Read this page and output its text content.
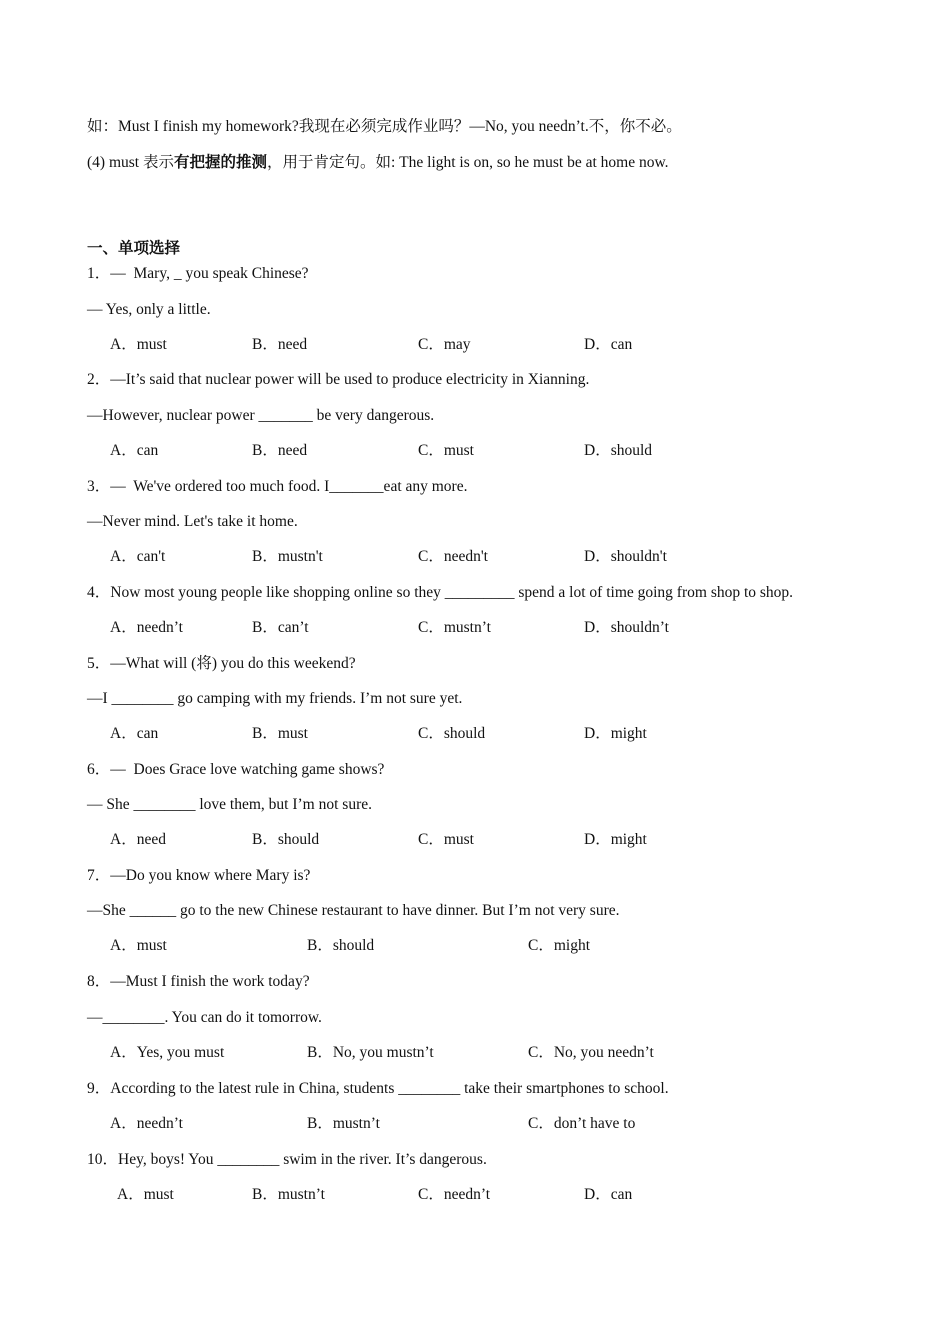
如：Must I finish my homework?我现在必须完成作业吗？—No, you needn’t.不，你不必。
(4) must 表示有把握的推测，用于肯定句。如: The light is on, so he must be at home now.
一、单项选择
1．—  Mary, _ you speak Chinese?
— Yes, only a little.
A．must	B．need	C．may	D．can
2．—It’s said that nuclear power will be used to produce electricity in Xianning.
—However, nuclear power _______ be very dangerous.
A．can	B．need	C．must	D．should
3．—  We've ordered too much food. I_______eat any more.
—Never mind. Let's take it home.
A．can't	B．mustn't	C．needn't	D．shouldn't
4．Now most young people like shopping online so they _________ spend a lot of time going from shop to shop.
A．needn’t	B．can’t	C．mustn’t	D．shouldn’t
5．—What will (将) you do this weekend?
—I ________ go camping with my friends. I’m not sure yet.
A．can	B．must	C．should	D．might
6．—  Does Grace love watching game shows?
— She ________ love them, but I’m not sure.
A．need	B．should	C．must	D．might
7．—Do you know where Mary is?
—She ______ go to the new Chinese restaurant to have dinner. But I’m not very sure.
A．must	B．should	C．might
8．—Must I finish the work today?
—________. You can do it tomorrow.
A．Yes, you must	B．No, you mustn’t	C．No, you needn’t
9．According to the latest rule in China, students ________ take their smartphones to school.
A．needn’t	B．mustn’t	C．don’t have to
10．Hey, boys! You ________ swim in the river. It’s dangerous.
A．must	B．mustn’t	C．needn’t	D．can
